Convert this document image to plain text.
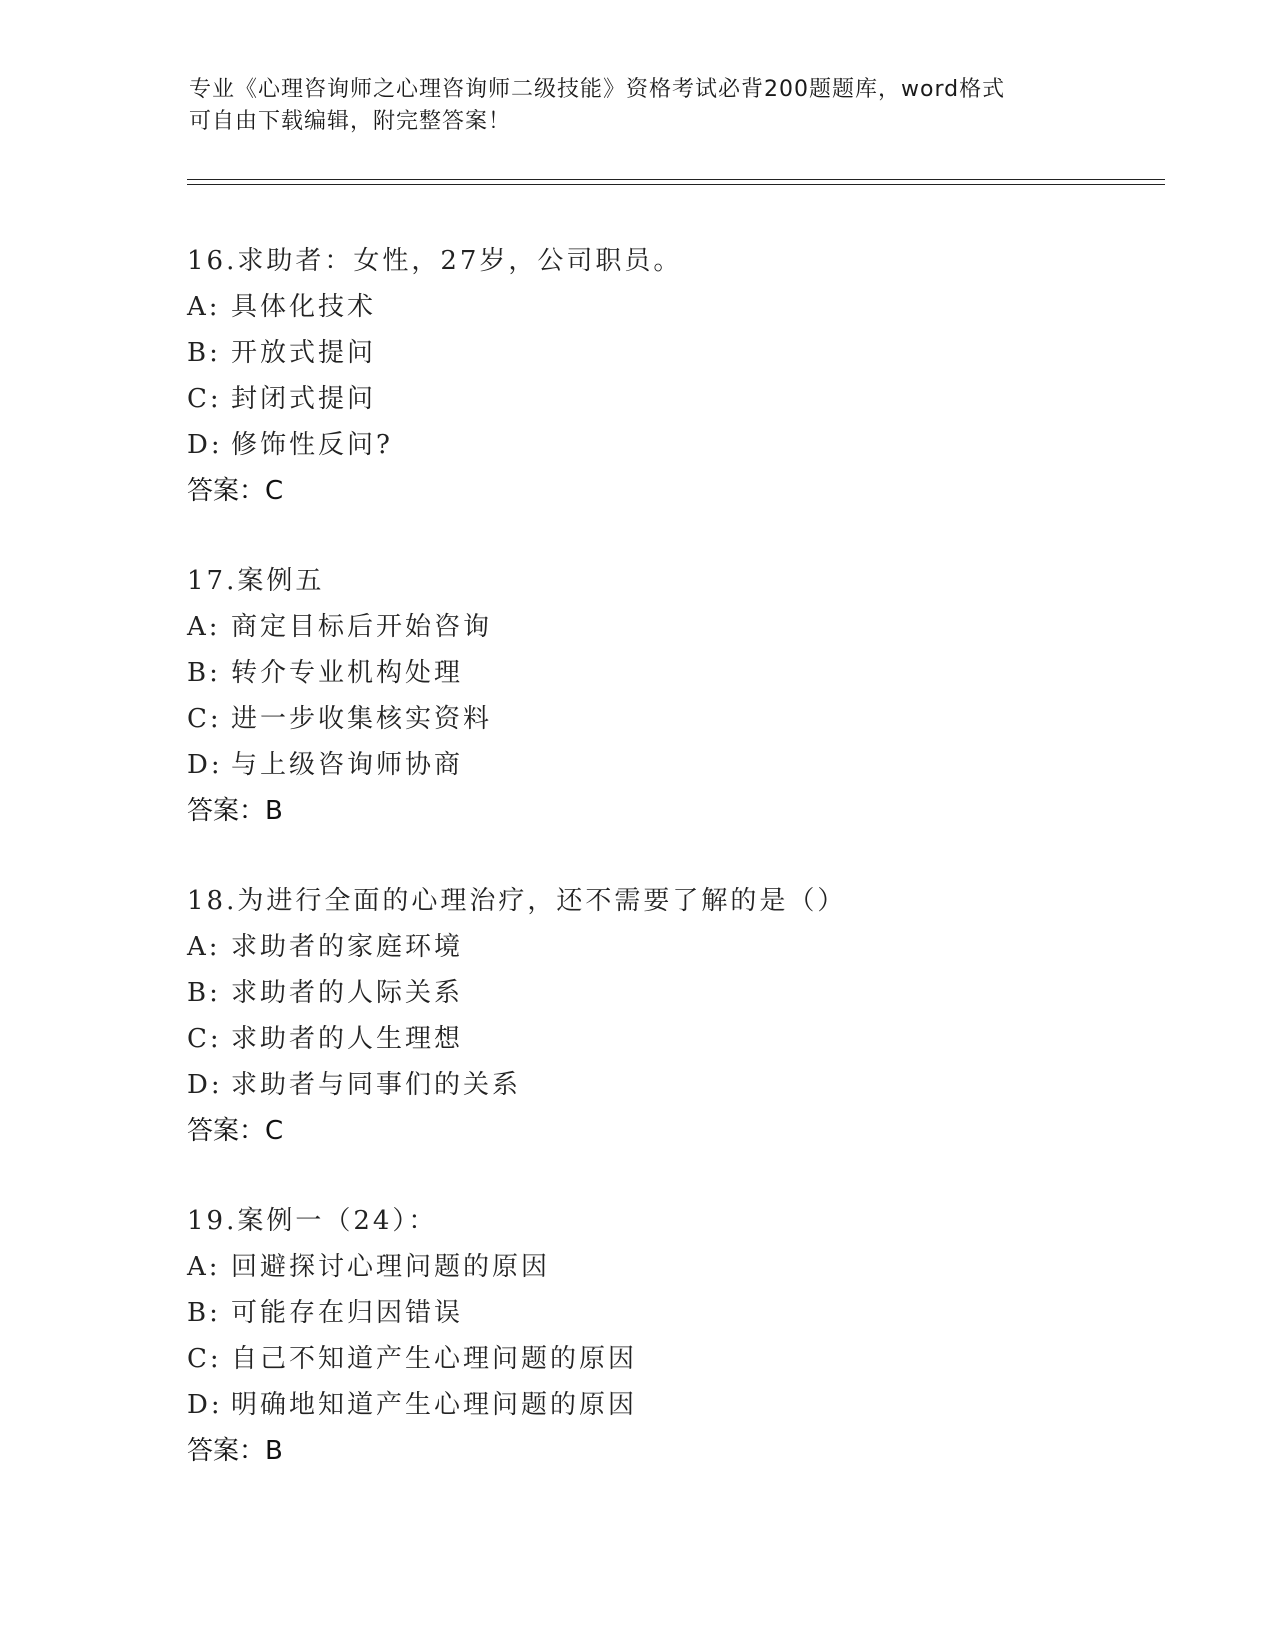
专业《心理咨询师之心理咨询师二级技能》资格考试必背200题题库，word格式
可自由下载编辑，附完整答案！
16.求助者：女性，27岁，公司职员。
A: 具体化技术
B: 开放式提问
C: 封闭式提问
D: 修饰性反问?
答案：C
17.案例五
A: 商定目标后开始咨询
B: 转介专业机构处理
C: 进一步收集核实资料
D: 与上级咨询师协商
答案：B
18.为进行全面的心理治疗，还不需要了解的是（）
A: 求助者的家庭环境
B: 求助者的人际关系
C: 求助者的人生理想
D: 求助者与同事们的关系
答案：C
19.案例一（24）：
A: 回避探讨心理问题的原因
B: 可能存在归因错误
C: 自己不知道产生心理问题的原因
D: 明确地知道产生心理问题的原因
答案：B
